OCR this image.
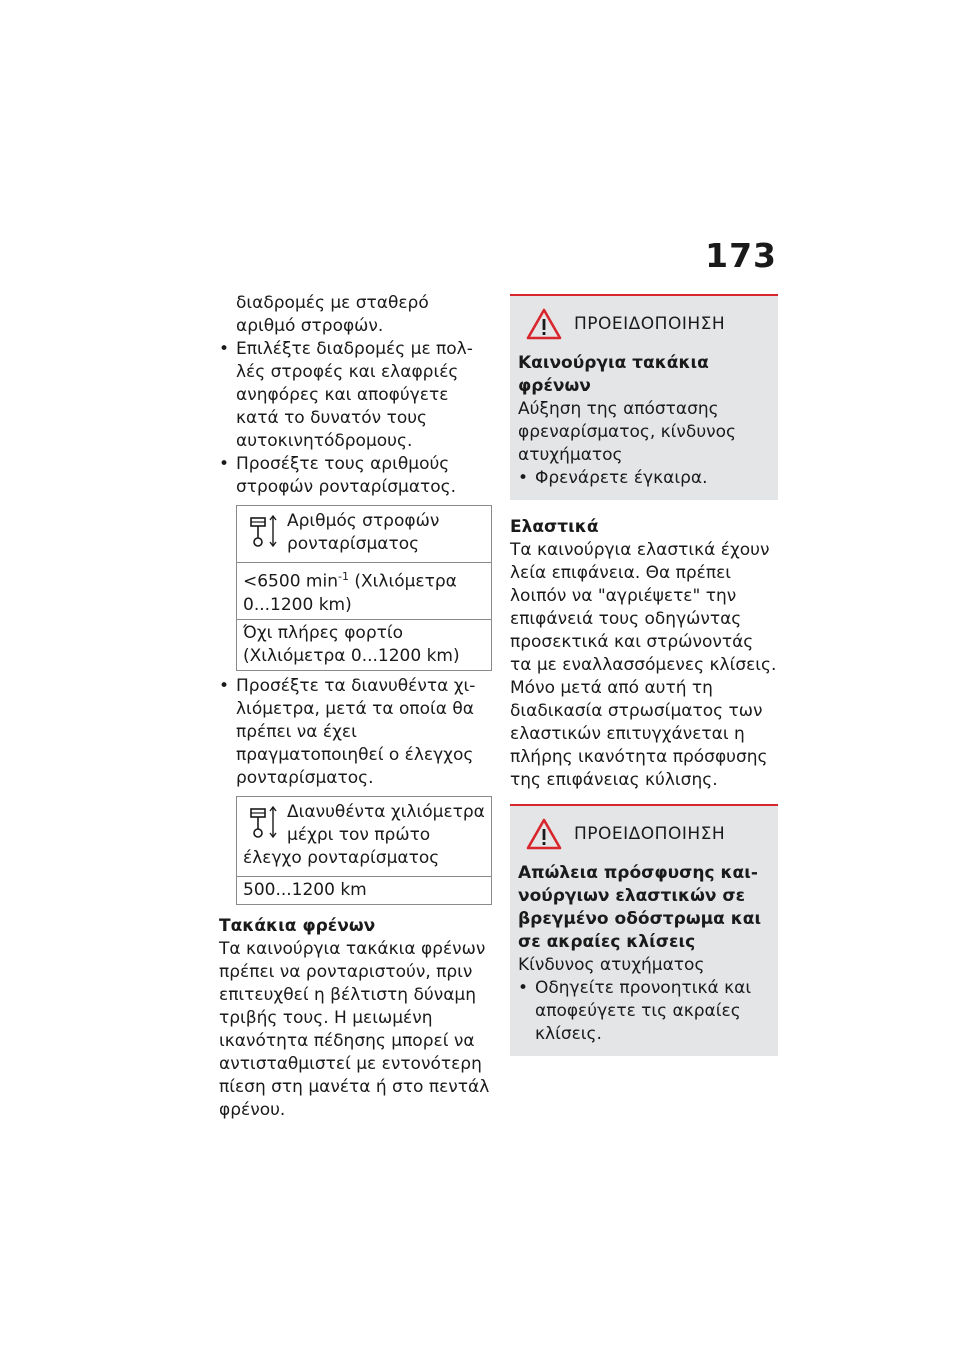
173

διαδρομές με σταθερό αριθμό στροφών.

• Επιλέξτε διαδρομές με πολλές στροφές και ελαφριές ανηφόρες και αποφύγετε κατά το δυνατόν τους αυτοκινητόδρομους.
• Προσέξτε τους αριθμούς στροφών ρονταρίσματος.
Αριθμός στροφών ρονταρίσματος
<6500 $\min^{-1} (X\iota\lambda\iota ό\mu\varepsilon\tau\rho\alpha$ 0...1200 km)
Όχι πλήρες φορτίο (Χιλιόμετρα 0...1200 km)
• Προσέξτε τα διανυθέντα χιλιόμετρα, μετά τα οποία θα πρέπει να έχει πραγματοποιηθεί ο έλεγχος ρονταρίσματος.
Διανυθέντα χιλιόμετρα μέχρι τον πρώτο έλεγχο ρονταρίσματος
500...1200 km
Τακάκια φρένων

Τα καινούργια τακάκια φρένων πρέπει να ρονταριστούν, πριν επιτευχθεί η βέλτιστη δύναμη τριβής τους. Η μειωμένη ικανότητα πέδησης μπορεί να αντισταθμιστεί με εντονότερη πίεση στη μανέτα ή στο πεντάλ φρένου.

ΠΡΟΕΙΔΟΠΟΙΗΣΗ
Καινούργια τακάκια φρένων
Αύξηση της απόστασης φρεναρίσματος, κίνδυνος ατυχήματος
• Φρενάρετε έγκαιρα.
Ελαστικά

Τα καινούργια ελαστικά έχουν λεία επιφάνεια. Θα πρέπει λοιπόν να "αγριέψετε" την επιφάνειά τους οδηγώντας προσεκτικά και στρώνοντάς τα με εναλλασσόμενες κλίσεις. Μόνο μετά από αυτή τη διαδικασία στρωσίματος των ελαστικών επιτυγχάνεται η πλήρης ικανότητα πρόσφυσης της επιφάνειας κύλισης.

ΠΡΟΕΙΔΟΠΟΙΗΣΗ
Απώλεια πρόσφυσης καινούργιων ελαστικών σε βρεγμένο οδόστρωμα και σε ακραίες κλίσεις
Κίνδυνος ατυχήματος
• Οδηγείτε προνοητικά και αποφεύγετε τις ακραίες κλίσεις.
